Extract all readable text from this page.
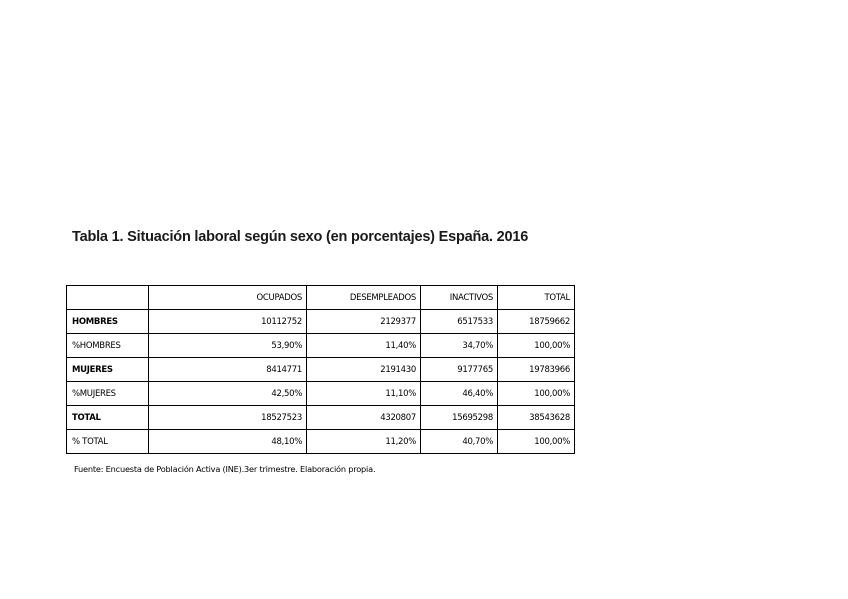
Tabla 1. Situación laboral según sexo (en porcentajes) España. 2016
	OCUPADOS	DESEMPLEADOS	INACTIVOS	TOTAL
HOMBRES	10112752	2129377	6517533	18759662
%HOMBRES	53,90%	11,40%	34,70%	100,00%
MUJERES	8414771	2191430	9177765	19783966
%MUJERES	42,50%	11,10%	46,40%	100,00%
TOTAL	18527523	4320807	15695298	38543628
% TOTAL	48,10%	11,20%	40,70%	100,00%
Fuente: Encuesta de Población Activa (INE).3er trimestre. Elaboración propia.
